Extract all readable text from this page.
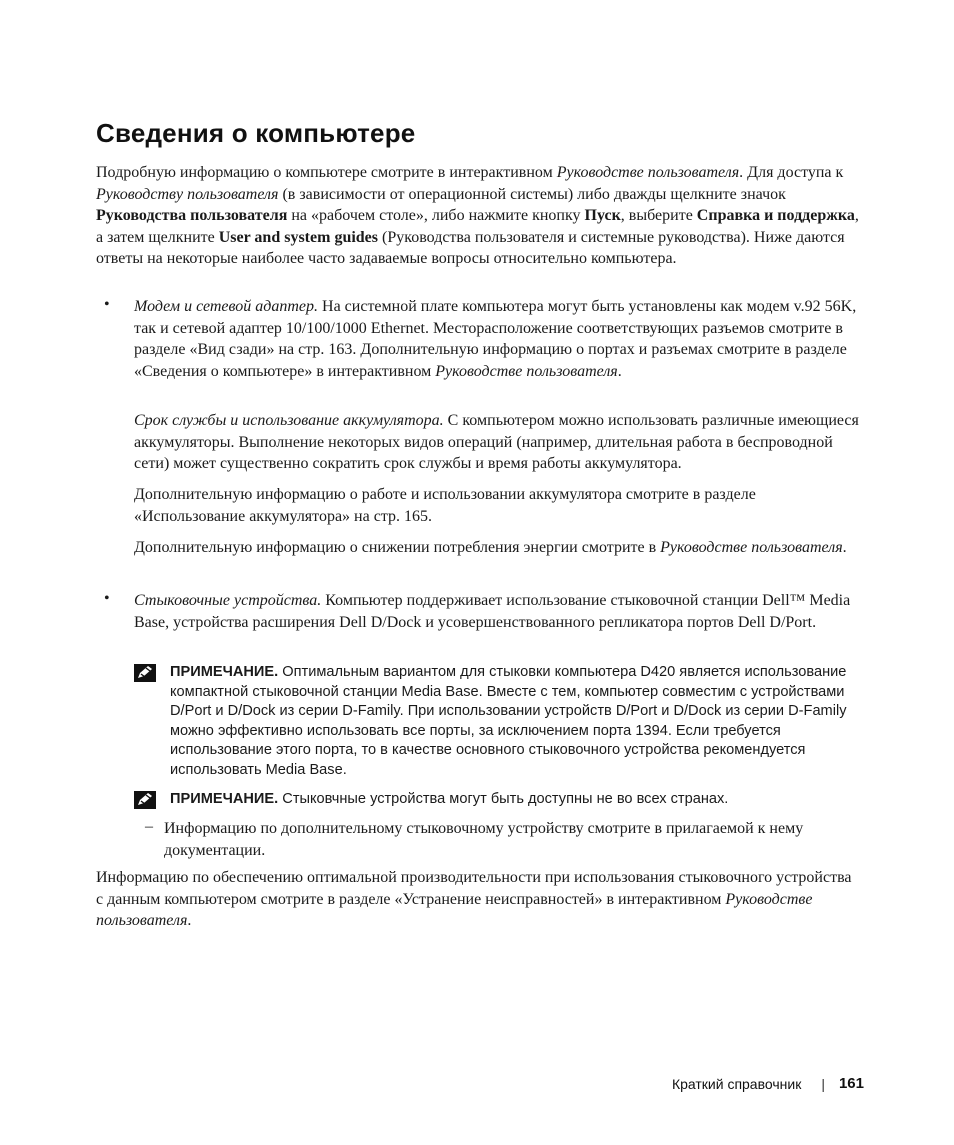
Сведения о компьютере

Подробную информацию о компьютере смотрите в интерактивном Руководстве пользователя. Для доступа к Руководству пользователя (в зависимости от операционной системы) либо дважды щелкните значок Руководства пользователя на «рабочем столе», либо нажмите кнопку Пуск, выберите Справка и поддержка, а затем щелкните User and system guides (Руководства пользователя и системные руководства). Ниже даются ответы на некоторые наиболее часто задаваемые вопросы относительно компьютера.

• Модем и сетевой адаптер. На системной плате компьютера могут быть установлены как модем v.92 56K, так и сетевой адаптер 10/100/1000 Ethernet. Месторасположение соответствующих разъемов смотрите в разделе «Вид сзади» на стр. 163. Дополнительную информацию о портах и разъемах смотрите в разделе «Сведения о компьютере» в интерактивном Руководстве пользователя.

Срок службы и использование аккумулятора. С компьютером можно использовать различные имеющиеся аккумуляторы. Выполнение некоторых видов операций (например, длительная работа в беспроводной сети) может существенно сократить срок службы и время работы аккумулятора.

Дополнительную информацию о работе и использовании аккумулятора смотрите в разделе «Использование аккумулятора» на стр. 165.

Дополнительную информацию о снижении потребления энергии смотрите в Руководстве пользователя.

• Стыковочные устройства. Компьютер поддерживает использование стыковочной станции Dell™ Media Base, устройства расширения Dell D/Dock и усовершенствованного репликатора портов Dell D/Port.

ПРИМЕЧАНИЕ. Оптимальным вариантом для стыковки компьютера D420 является использование компактной стыковочной станции Media Base. Вместе с тем, компьютер совместим с устройствами D/Port и D/Dock из серии D-Family. При использовании устройств D/Port и D/Dock из серии D-Family можно эффективно использовать все порты, за исключением порта 1394. Если требуется использование этого порта, то в качестве основного стыковочного устройства рекомендуется использовать Media Base.

ПРИМЕЧАНИЕ. Стыковчные устройства могут быть доступны не во всех странах.

– Информацию по дополнительному стыковочному устройству смотрите в прилагаемой к нему документации.

Информацию по обеспечению оптимальной производительности при использования стыковочного устройства с данным компьютером смотрите в разделе «Устранение неисправностей» в интерактивном Руководстве пользователя.

Краткий справочник | 161
